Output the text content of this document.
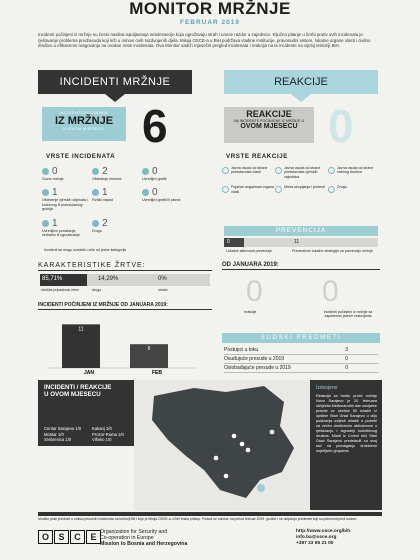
MONITOR MRŽNJE
FEBRUAR 2019
Incidenti počinjeni iz mržnje su često nasilna ispoljavanja netolerancije koja ugrožavaju strah i unose razdor u zajednice. Ključno pitanje u borbi protiv ovih incidenata je rješavanje problema predrasuda koji leži u osnovi ovih razdvojenih djela. Misija OSCE-a u BiH podržava vladine institucije, pravosudni sistem, lokalne organe vlasti i civilno društvo u efikasnom reagovanju na ovakve vrste incidenata. Ova Monitor sadrži mjesečni pregled incidenata i reakcija na te incidente na cijeloj teritoriji BiH.
INCIDENTI MRŽNJE
INCIDENTI POČINJENI
IZ MRŽNJE
U OVOM MJESECU 6
VRSTE INCIDENATA
0
Govor mržnje
2
Oštećenje imovine
0
Uvredljivi grafiti
1
Oštećenje vjerskih objekata i kulturnog ili pravoslavnog groblja
1
Fizički napad
0
Uvredljivi grafiti ili pisma
1
Uvredljivo ponašanje, verbalno ili ugrožavanje
2
Drugo
Incidenti se mogu svrstati u više od jedne kategorije
REAKCIJE
REAKCIJE
NA INCIDENTE POČINJENE IZ MRŽNJE U
OVOM MJESECU 0
VRSTE REAKCIJE
Javna osuda od strane predstavnika vlasti
Javna osuda od strane predstavnika vjerskih zajednica
Javna osuda od strane civilnog društva
Pojačan angažman organa vlasti
Mirna okupljanja i protesti	Drugo
PREVENCIJA
0	11
Lokalne aktivnosti prevencije	Preventivne lokalne strategije za prevenciju mržnje
KARAKTERISTIKE ŽRTVE:
85,71%	14,29%	0%
etnička pripadnost žrtve	drugo	ostalo
OD JANUARA 2019:
0
reakcije
0
incidenti počinjeni iz mržnje sa zapaženim javnim reakcijama
INCIDENTI POČINJENI IZ MRŽNJE OD JANUARA 2019:
11
JAN
6
FEB
SUDSKI PREDMETI
Postupci u toku	3
Osuđujuće presude u 2019	0
Oslobađajuće presude u 2019	0
INCIDENTI / REAKCIJE
U OVOM MJESECU
Centar Sarajevo 1/0
Mostar 1/0
Srebrenica 1/0
Kakanj 1/0
Prozor-Rama 1/0
Višeko 1/0
Izdvojeno
Reakcija za borbu protiv mržnje Novo Sarajevo je 20. februara obilježila Međunarodni dan socijalne pravde uz učešće 50 mladih iz opštine Stari Grad Sarajevo u cilju podizanja svijesti mladih o potrebi za većim društvenim aktivizmom u rješavanju i izgradnji kolektivnog društva. Mladi iz Crveni križ Stari Grad Sarajevo predstavili su svoj rad na pomaganju društveno osjetljivim grupama.
Monitor prati predmet u smislu prisutnih incidenata na teritoriji BiH koje je Misija OSCE-a u BiH imala pristup. Podaci se odnose na period februar 2019. godine i ne uključuju predmete koji su pokrenuti pred sudom.
O	S	C	E Organization for Security and
Co-operation in Europe
Mission to Bosnia and Herzegovina
http://www.osce.org/bih
info.ba@osce.org
+387 33 95 21 00
